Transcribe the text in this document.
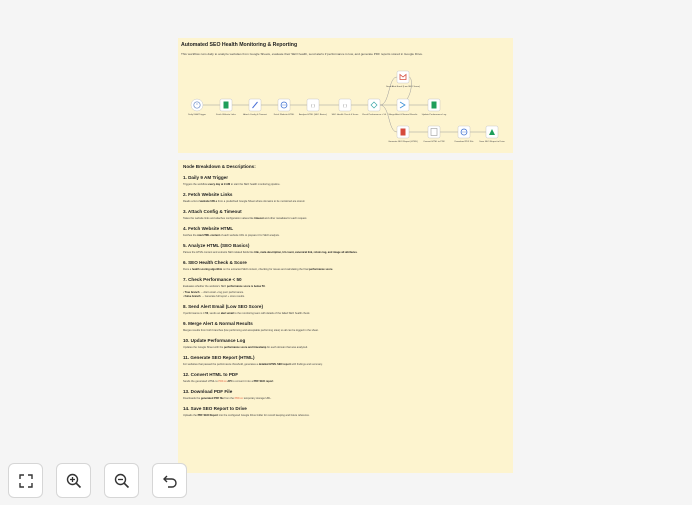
Automated SEO Health Monitoring & Reporting
This workflow runs daily to analyze websites from Google Sheets, evaluate their SEO health, send alerts if performance is low, and generate PDF reports stored in Google Drive.
Daily 9 AM Trigger	Fetch Website Links	Attach Config & Timeout	Fetch Website HTML
{ }
Analyze HTML (SEO Basics)
{ }
SEO Health Check & Score	Check Performance < 50
Send Alert Email (Low SEO Score)
Merge Alert & Normal Results	Update Performance Log
Generate SEO Report (HTML) Convert HTML to PDF	Download PDF File	Save SEO Report to Drive
Node Breakdown & Descriptions:
1. Daily 9 AM Trigger
Triggers the workflow every day at 9 AM to start the SEO health monitoring pipeline.
2. Fetch Website Links
Reads a list of website URLs from a predefined Google Sheet where domains to be monitored are stored.
3. Attach Config & Timeout
Takes the website links and attaches configuration values like timeout and other metadata for each request.
4. Fetch Website HTML
Fetches the raw HTML content of each website URL to prepare it for SEO analysis.
5. Analyze HTML (SEO Basics)
Parses the HTML content and extracts SEO-related fields like title, meta description, H1 count, canonical link, robots tag, and image alt attributes.
6. SEO Health Check & Score
Runs a health scoring algorithm on the extracted SEO content, checking for issues and calculating the final performance score.
7. Check Performance < 50
Evaluates whether the website's SEO performance score is below 50.
• True branch → Alert email + log poor performance.
• False branch → Generate full report + store results.
8. Send Alert Email (Low SEO Score)
If performance is < 50, sends an alert email to the monitoring team with details of the failed SEO health check.
9. Merge Alert & Normal Results
Merges results from both branches (low performing and acceptable performing sites) so all can be logged in the sheet.
10. Update Performance Log
Updates the Google Sheet with the performance score and timestamp for each domain that was analyzed.
11. Generate SEO Report (HTML)
For websites that passed the performance threshold, generates a detailed HTML SEO report with findings and summary.
12. Convert HTML to PDF
Sends the generated HTML to PDF.co API to convert it into a PDF SEO report.
13. Download PDF File
Downloads the generated PDF file from the PDF.co temporary storage URL.
14. Save SEO Report to Drive
Uploads the PDF SEO Report into the configured Google Drive folder for record keeping and future reference.
